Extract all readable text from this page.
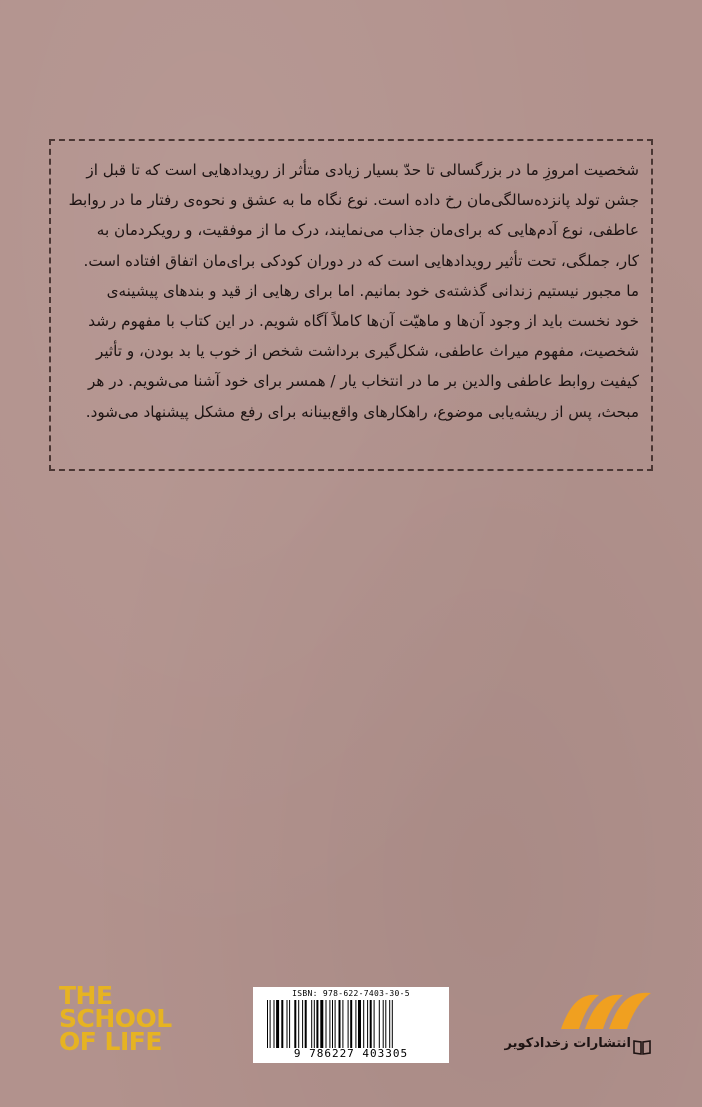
شخصیت امروزِ ما در بزرگسالی تا حدّ بسیار زیادی متأثر از رویدادهایی است که تا قبل از
جشن تولد پانزده‌سالگی‌مان رخ داده است. نوع نگاه ما به عشق و نحوه‌ی رفتار ما در روابط
عاطفی، نوع آدم‌هایی که برای‌مان جذاب می‌نمایند، درک ما از موفقیت، و رویکردمان به
کار، جملگی، تحت تأثیر رویدادهایی است که در دوران کودکی برای‌مان اتفاق افتاده است.
ما مجبور نیستیم زندانی گذشته‌ی خود بمانیم. اما برای رهایی از قید و بندهای پیشینه‌ی
خود نخست باید از وجود آن‌ها و ماهیّت آن‌ها کاملاً آگاه شویم. در این کتاب با مفهوم رشد
شخصیت، مفهوم میراث عاطفی، شکل‌گیری برداشت شخص از خوب یا بد بودن، و تأثیر
کیفیت روابط عاطفی والدین بر ما در انتخاب یار / همسر برای خود آشنا می‌شویم. در هر
مبحث، پس از ریشه‌یابی موضوع، راهکارهای واقع‌بینانه برای رفع مشکل پیشنهاد می‌شود.
THE
SCHOOL
OF LIFE
ISBN: 978-622-7403-30-5
9 786227 403305
انتشارات زخدادکویر
